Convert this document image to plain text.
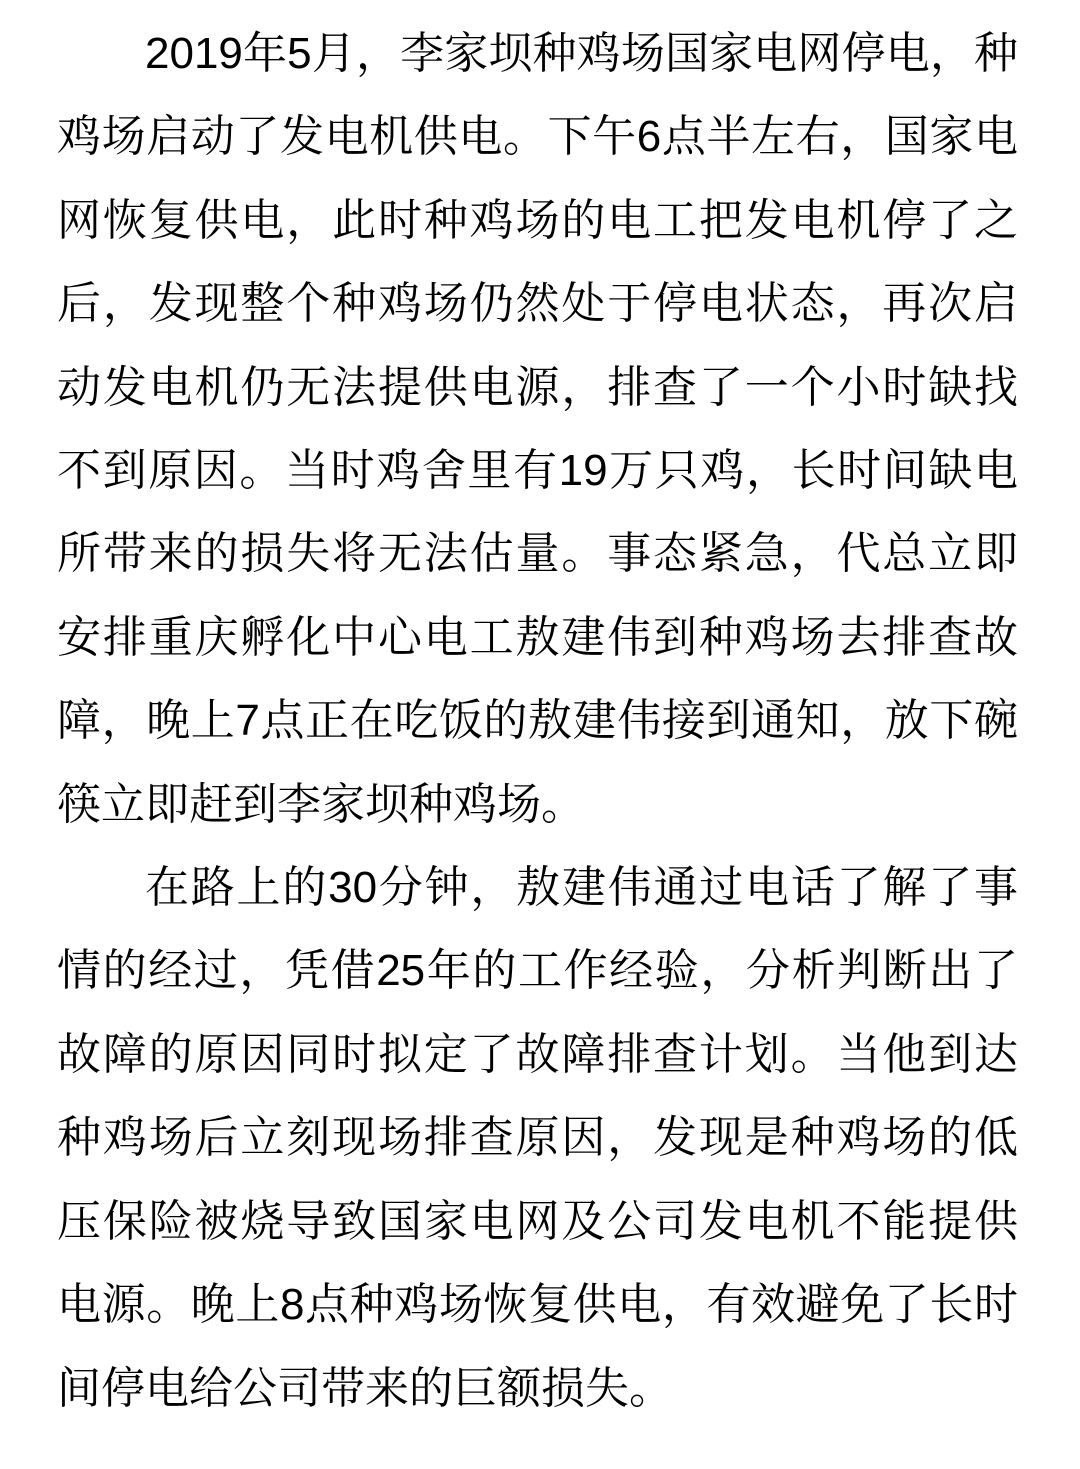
2019年5月，李家坝种鸡场国家电网停电，种鸡场启动了发电机供电。下午6点半左右，国家电网恢复供电，此时种鸡场的电工把发电机停了之后，发现整个种鸡场仍然处于停电状态，再次启动发电机仍无法提供电源，排查了一个小时缺找不到原因。当时鸡舍里有19万只鸡，长时间缺电所带来的损失将无法估量。事态紧急，代总立即安排重庆孵化中心电工敖建伟到种鸡场去排查故障，晚上7点正在吃饭的敖建伟接到通知，放下碗筷立即赶到李家坝种鸡场。

在路上的30分钟，敖建伟通过电话了解了事情的经过，凭借25年的工作经验，分析判断出了故障的原因同时拟定了故障排查计划。当他到达种鸡场后立刻现场排查原因，发现是种鸡场的低压保险被烧导致国家电网及公司发电机不能提供电源。晚上8点种鸡场恢复供电，有效避免了长时间停电给公司带来的巨额损失。
